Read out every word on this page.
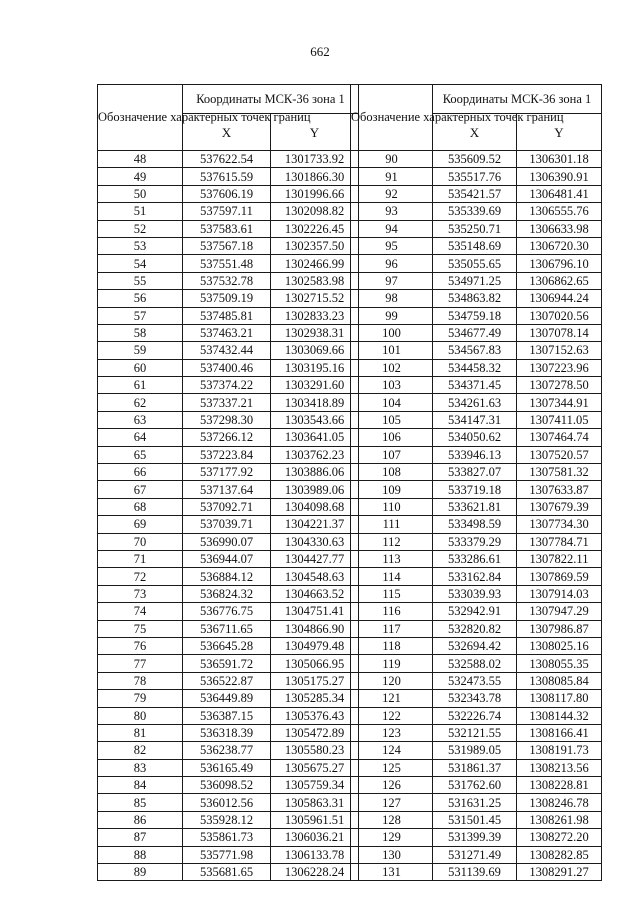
662
Обозначение характерных точек границ	Координаты МСК-36 зона 1	
	X	Y
48	537622.54	1301733.92
49	537615.59	1301866.30
50	537606.19	1301996.66
51	537597.11	1302098.82
52	537583.61	1302226.45
53	537567.18	1302357.50
54	537551.48	1302466.99
55	537532.78	1302583.98
56	537509.19	1302715.52
57	537485.81	1302833.23
58	537463.21	1302938.31
59	537432.44	1303069.66
60	537400.46	1303195.16
61	537374.22	1303291.60
62	537337.21	1303418.89
63	537298.30	1303543.66
64	537266.12	1303641.05
65	537223.84	1303762.23
66	537177.92	1303886.06
67	537137.64	1303989.06
68	537092.71	1304098.68
69	537039.71	1304221.37
70	536990.07	1304330.63
71	536944.07	1304427.77
72	536884.12	1304548.63
73	536824.32	1304663.52
74	536776.75	1304751.41
75	536711.65	1304866.90
76	536645.28	1304979.48
77	536591.72	1305066.95
78	536522.87	1305175.27
79	536449.89	1305285.34
80	536387.15	1305376.43
81	536318.39	1305472.89
82	536238.77	1305580.23
83	536165.49	1305675.27
84	536098.52	1305759.34
85	536012.56	1305863.31
86	535928.12	1305961.51
87	535861.73	1306036.21
88	535771.98	1306133.78
89	535681.65	1306228.24
Обозначение характерных точек границ	Координаты МСК-36 зона 1	
	X	Y
90	535609.52	1306301.18
91	535517.76	1306390.91
92	535421.57	1306481.41
93	535339.69	1306555.76
94	535250.71	1306633.98
95	535148.69	1306720.30
96	535055.65	1306796.10
97	534971.25	1306862.65
98	534863.82	1306944.24
99	534759.18	1307020.56
100	534677.49	1307078.14
101	534567.83	1307152.63
102	534458.32	1307223.96
103	534371.45	1307278.50
104	534261.63	1307344.91
105	534147.31	1307411.05
106	534050.62	1307464.74
107	533946.13	1307520.57
108	533827.07	1307581.32
109	533719.18	1307633.87
110	533621.81	1307679.39
111	533498.59	1307734.30
112	533379.29	1307784.71
113	533286.61	1307822.11
114	533162.84	1307869.59
115	533039.93	1307914.03
116	532942.91	1307947.29
117	532820.82	1307986.87
118	532694.42	1308025.16
119	532588.02	1308055.35
120	532473.55	1308085.84
121	532343.78	1308117.80
122	532226.74	1308144.32
123	532121.55	1308166.41
124	531989.05	1308191.73
125	531861.37	1308213.56
126	531762.60	1308228.81
127	531631.25	1308246.78
128	531501.45	1308261.98
129	531399.39	1308272.20
130	531271.49	1308282.85
131	531139.69	1308291.27
